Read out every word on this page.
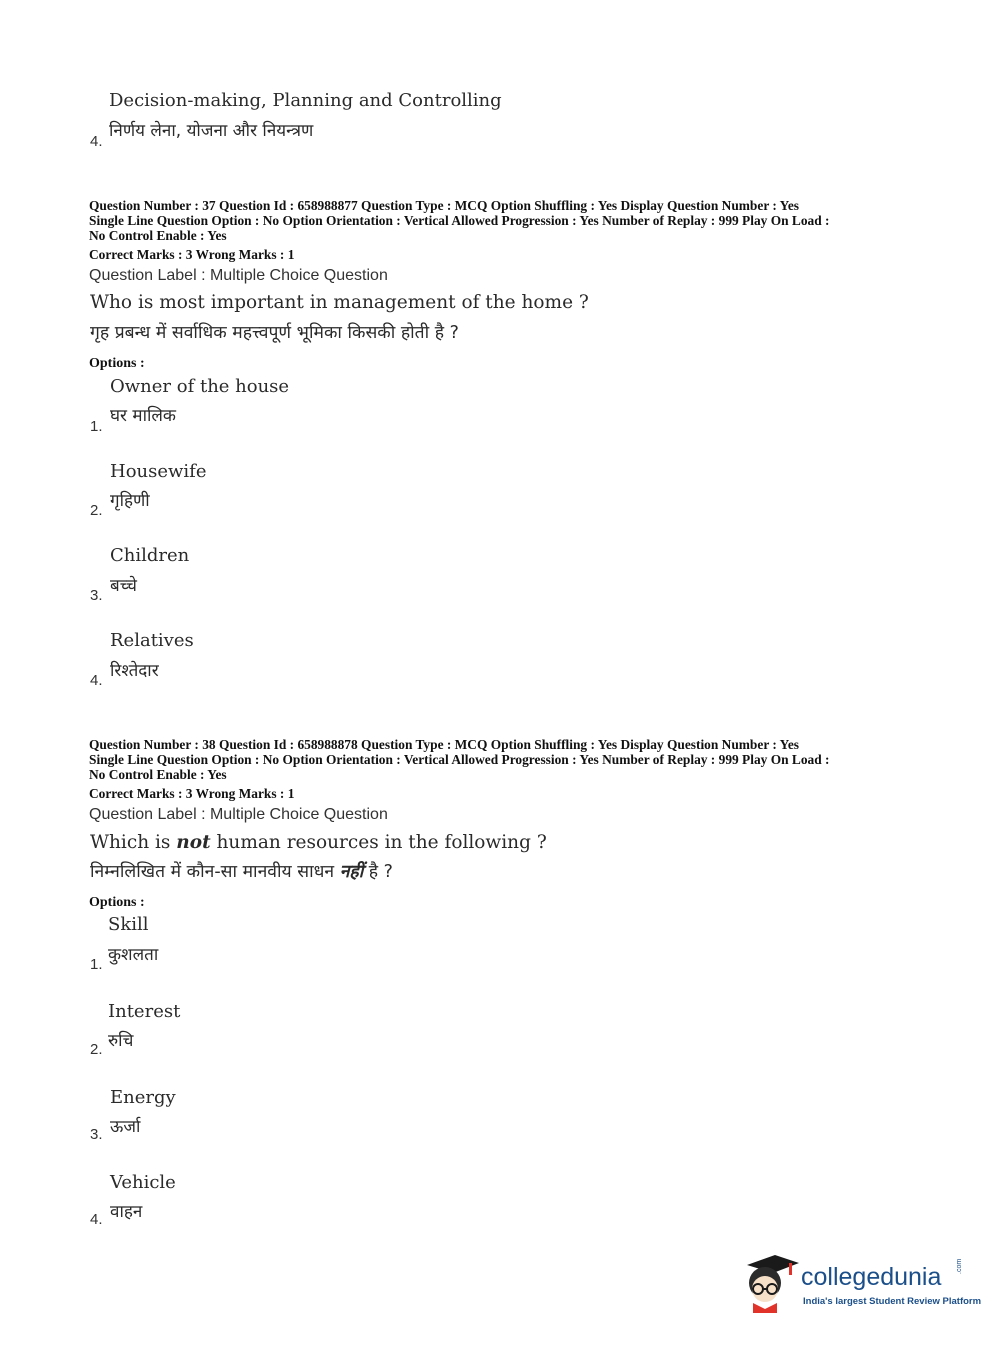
Decision-making, Planning and Controlling
निर्णय लेना, योजना और नियन्त्रण
4.
Question Number : 37 Question Id : 658988877 Question Type : MCQ Option Shuffling : Yes Display Question Number : Yes
Single Line Question Option : No Option Orientation : Vertical Allowed Progression : Yes Number of Replay : 999 Play On Load :
No Control Enable : Yes
Correct Marks : 3 Wrong Marks : 1
Question Label : Multiple Choice Question
Who is most important in management of the home ?
गृह प्रबन्ध में सर्वाधिक महत्त्वपूर्ण भूमिका किसकी होती है ?
Options :
Owner of the house
घर मालिक
1.
Housewife
गृहिणी
2.
Children
बच्चे
3.
Relatives
रिश्तेदार
4.
Question Number : 38 Question Id : 658988878 Question Type : MCQ Option Shuffling : Yes Display Question Number : Yes
Single Line Question Option : No Option Orientation : Vertical Allowed Progression : Yes Number of Replay : 999 Play On Load :
No Control Enable : Yes
Correct Marks : 3 Wrong Marks : 1
Question Label : Multiple Choice Question
Which is not human resources in the following ?
निम्नलिखित में कौन-सा मानवीय साधन नहीं है ?
Options :
Skill
कुशलता
1.
Interest
रुचि
2.
Energy
ऊर्जा
3.
Vehicle
वाहन
4.
collegedunia .com
India's largest Student Review Platform
